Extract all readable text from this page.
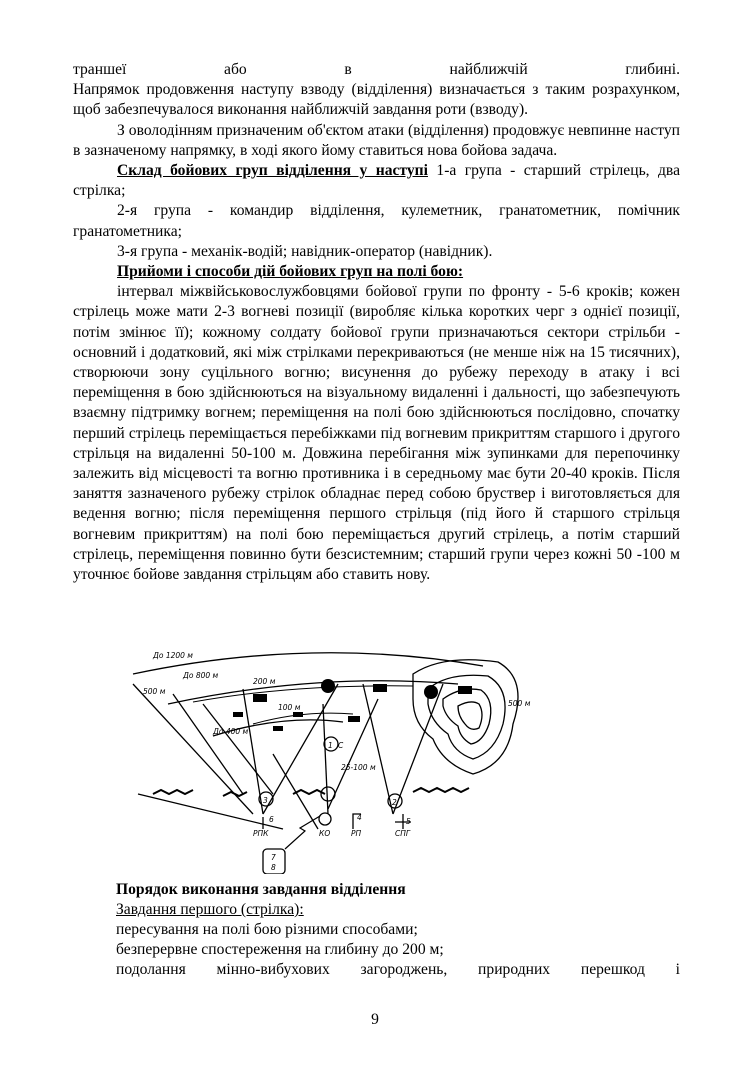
траншеї або в найближчій глибині.

Напрямок продовження наступу взводу (відділення) визначається з таким розрахунком, щоб забезпечувалося виконання найближчій завдання роти (взводу).

З оволодінням призначеним об'єктом атаки (відділення) продовжує невпинне наступ в зазначеному напрямку, в ході якого йому ставиться нова бойова задача.

Склад бойових груп відділення у наступі 1-а група - старший стрілець, два стрілка;

2-я група - командир відділення, кулеметник, гранатометник, помічник гранатометника;

3-я група - механік-водій; навідник-оператор (навідник).

Прийоми і способи дій бойових груп на полі бою:

інтервал міжвійськовослужбовцями бойової групи по фронту - 5-6 кроків; кожен стрілець може мати 2-3 вогневі позиції (виробляє кілька коротких черг з однієї позиції, потім змінює її); кожному солдату бойової групи призначаються сектори стрільби - основний і додатковий, які між стрілками перекриваються (не менше ніж на 15 тисячних), створюючи зону суцільного вогню; висунення до рубежу переходу в атаку і всі переміщення в бою здійснюються на візуальному видаленні і дальності, що забезпечують взаємну підтримку вогнем; переміщення на полі бою здійснюються послідовно, спочатку перший стрілець переміщається перебіжками під вогневим прикриттям старшого і другого стрільця на видаленні 50-100 м. Довжина перебігання між зупинками для перепочинку залежить від місцевості та вогню противника і в середньому має бути 20-40 кроків. Після заняття зазначеного рубежу стрілок обладнає перед собою бруствер і виготовляється для ведення вогню; після переміщення першого стрільця (під його й старшого стрільця вогневим прикриттям) на полі бою переміщається другий стрілець, а потім старший стрілець, переміщення повинно бути безсистемним; старший групи через кожні 50 -100 м уточнює бойове завдання стрільцям або ставить нову.

До 1200 м
До 800 м
До 400 м
500 м
200 м
100 м	500 м
25-100 м
1
3	2
С
6	4	5
РПК	КО	РП	СПГ
7
8

Порядок виконання завдання відділення

Завдання першого (стрілка):

пересування на полі бою різними способами;

безперервне спостереження на глибину до 200 м;

подолання мінно-вибухових загороджень, природних перешкод і

9
